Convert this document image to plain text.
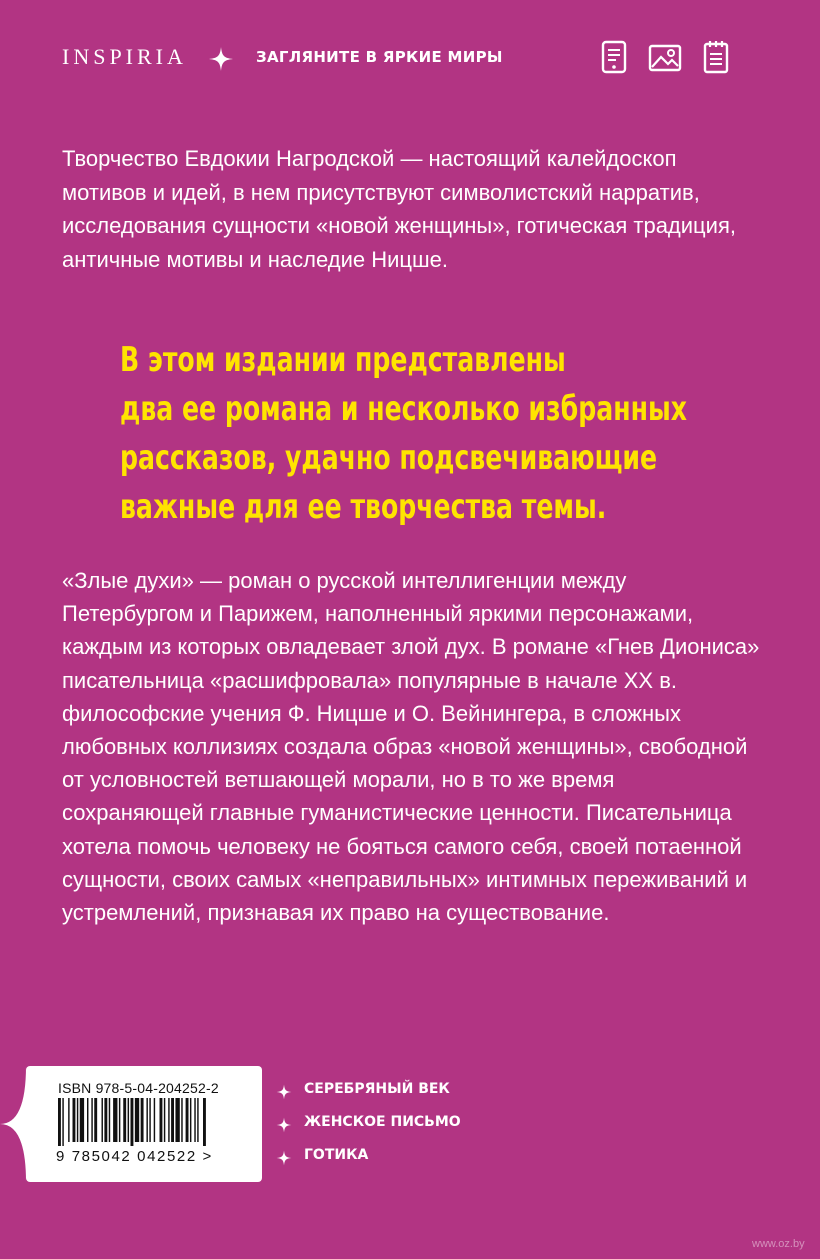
INSPIRIA	ЗАГЛЯНИТЕ В ЯРКИЕ МИРЫ
Творчество Евдокии Нагродской — настоящий калейдоскоп мотивов и идей, в нем присутствуют символистский нарратив, исследования сущности «новой женщины», готическая традиция, античные мотивы и наследие Ницше.
В этом издании представлены
два ее романа и несколько избранных
рассказов, удачно подсвечивающие
важные для ее творчества темы.
«Злые духи» — роман о русской интеллигенции между Петербургом и Парижем, наполненный яркими персонажами, каждым из которых овладевает злой дух. В романе «Гнев Диониса» писательница «расшифровала» популярные в начале XX в. философские учения Ф. Ницше и О. Вейнингера, в сложных любовных коллизиях создала образ «новой женщины», свободной от условностей ветшающей морали, но в то же время сохраняющей главные гуманистические ценности. Писательница хотела помочь человеку не бояться самого себя, своей потаенной сущности, своих самых «неправильных» интимных переживаний и устремлений, признавая их право на существование.
ISBN 978-5-04-204252-2
9 785042 042522 >
СЕРЕБРЯНЫЙ ВЕК
ЖЕНСКОЕ ПИСЬМО
ГОТИКА
www.oz.by
